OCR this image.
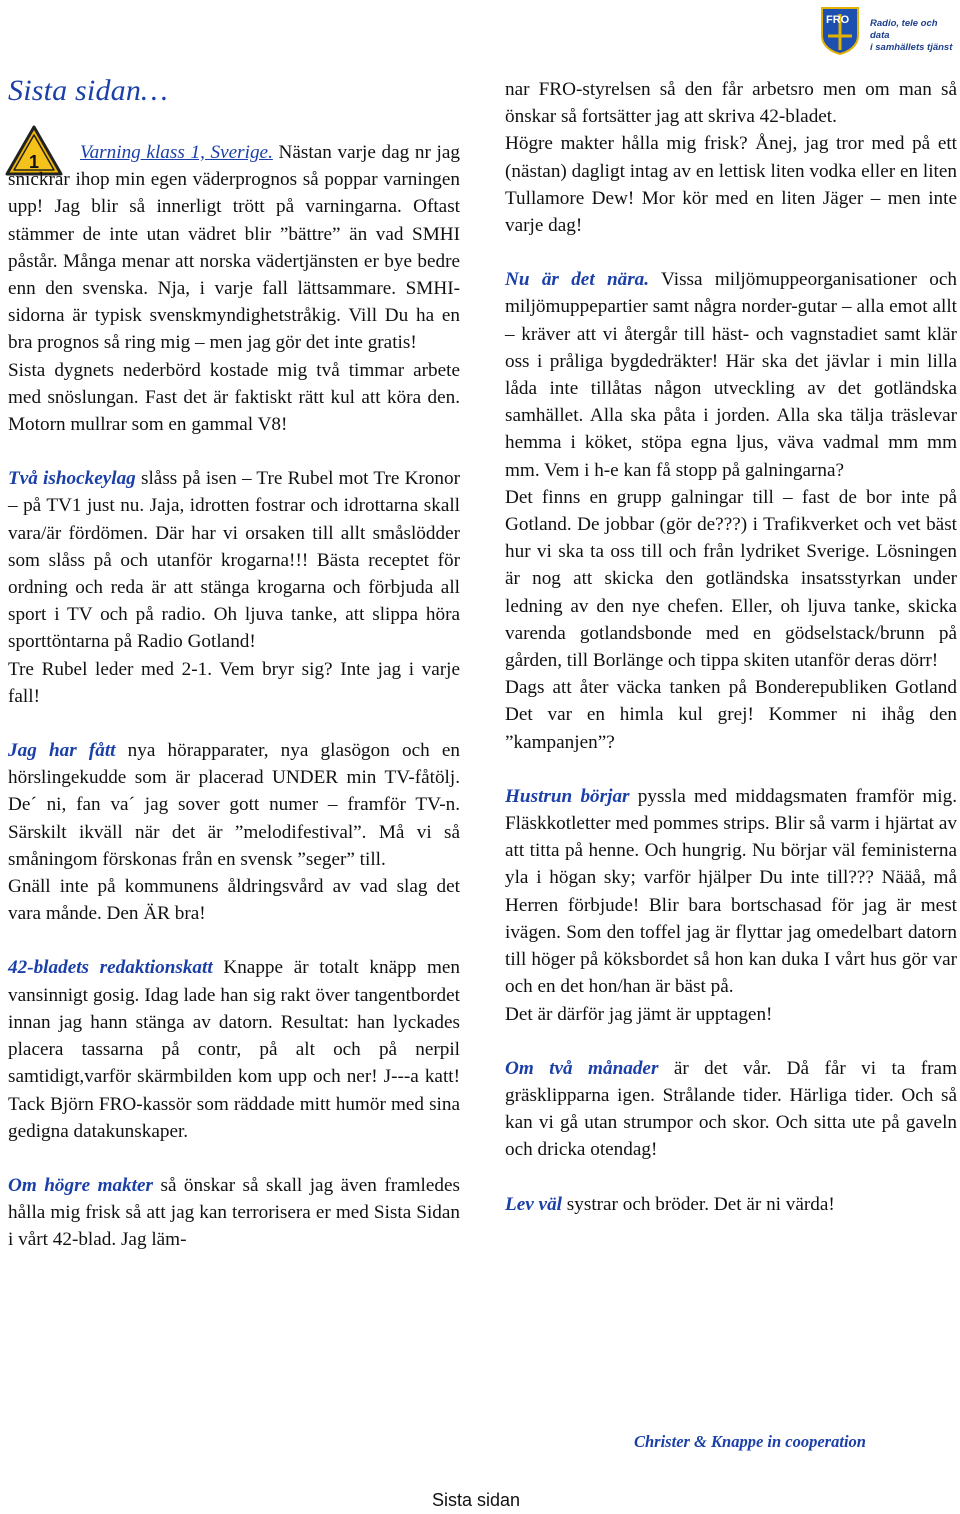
FRO Radio, tele och data
i samhällets tjänst
Sista sidan…
1	Varning klass 1, Sverige. Nästan varje dag nr jag snickrar ihop min egen väderprognos så poppar varningen upp! Jag blir så innerligt trött på varningarna. Oftast stämmer de inte utan vädret blir ”bättre” än vad SMHI påstår. Många menar att norska vädertjänsten er bye bedre enn den svenska. Nja, i varje fall lättsammare. SMHI-sidorna är typisk svenskmyndighetstråkig. Vill Du ha en bra prognos så ring mig – men jag gör det inte gratis!

Sista dygnets nederbörd kostade mig två timmar arbete med snöslungan. Fast det är faktiskt rätt kul att köra den. Motorn mullrar som en gammal V8!

Två ishockeylag slåss på isen – Tre Rubel mot Tre Kronor – på TV1 just nu. Jaja, idrotten fostrar och idrottarna skall vara/är fördömen. Där har vi orsaken till allt småslödder som slåss på och utanför krogarna!!! Bästa receptet för ordning och reda är att stänga krogarna och förbjuda all sport i TV och på radio. Oh ljuva tanke, att slippa höra sporttöntarna på Radio Gotland!

Tre Rubel leder med 2-1. Vem bryr sig? Inte jag i varje fall!

Jag har fått nya hörapparater, nya glasögon och en hörslingekudde som är placerad UNDER min TV-fåtölj. De´ ni, fan va´ jag sover gott numer – framför TV-n. Särskilt ikväll när det är ”melodifestival”. Må vi så småningom förskonas från en svensk ”seger” till.

Gnäll inte på kommunens åldringsvård av vad slag det vara månde. Den ÄR bra!

42-bladets redaktionskatt Knappe är totalt knäpp men vansinnigt gosig. Idag lade han sig rakt över tangentbordet innan jag hann stänga av datorn. Resultat: han lyckades placera tassarna på contr, på alt och på nerpil samtidigt,varför skärmbilden kom upp och ner! J---a katt! Tack Björn FRO-kassör som räddade mitt humör med sina gedigna datakunskaper.

Om högre makter så önskar så skall jag även framledes hålla mig frisk så att jag kan terrorisera er med Sista Sidan i vårt 42-blad. Jag läm-

nar FRO-styrelsen så den får arbetsro men om man så önskar så fortsätter jag att skriva 42-bladet.

Högre makter hålla mig frisk? Ånej, jag tror med på ett (nästan) dagligt intag av en lettisk liten vodka eller en liten Tullamore Dew! Mor kör med en liten Jäger – men inte varje dag!

Nu är det nära. Vissa miljömuppeorganisationer och miljömuppepartier samt några norder-gutar – alla emot allt – kräver att vi återgår till häst- och vagnstadiet samt klär oss i pråliga bygdedräkter! Här ska det jävlar i min lilla låda inte tillåtas någon utveckling av det gotländska samhället. Alla ska påta i jorden. Alla ska tälja träslevar hemma i köket, stöpa egna ljus, väva vadmal mm mm mm. Vem i h-e kan få stopp på galningarna?

Det finns en grupp galningar till – fast de bor inte på Gotland. De jobbar (gör de???) i Trafikverket och vet bäst hur vi ska ta oss till och från lydriket Sverige. Lösningen är nog att skicka den gotländska insatsstyrkan under ledning av den nye chefen. Eller, oh ljuva tanke, skicka varenda gotlandsbonde med en gödselstack/brunn på gården, till Borlänge och tippa skiten utanför deras dörr!

Dags att åter väcka tanken på Bonderepubliken Gotland Det var en himla kul grej! Kommer ni ihåg den ”kampanjen”?

Hustrun börjar pyssla med middagsmaten framför mig. Fläskkotletter med pommes strips. Blir så varm i hjärtat av att titta på henne. Och hungrig. Nu börjar väl feministerna yla i högan sky; varför hjälper Du inte till??? Nääå, må Herren förbjude! Blir bara bortschasad för jag är mest ivägen. Som den toffel jag är flyttar jag omedelbart datorn till höger på köksbordet så hon kan duka I vårt hus gör var och en det hon/han är bäst på.

Det är därför jag jämt är upptagen!

Om två månader är det vår. Då får vi ta fram gräsklipparna igen. Strålande tider. Härliga tider. Och så kan vi gå utan strumpor och skor. Och sitta ute på gaveln och dricka otendag!

Lev väl systrar och bröder. Det är ni värda!

Christer & Knappe in cooperation
Sista sidan
